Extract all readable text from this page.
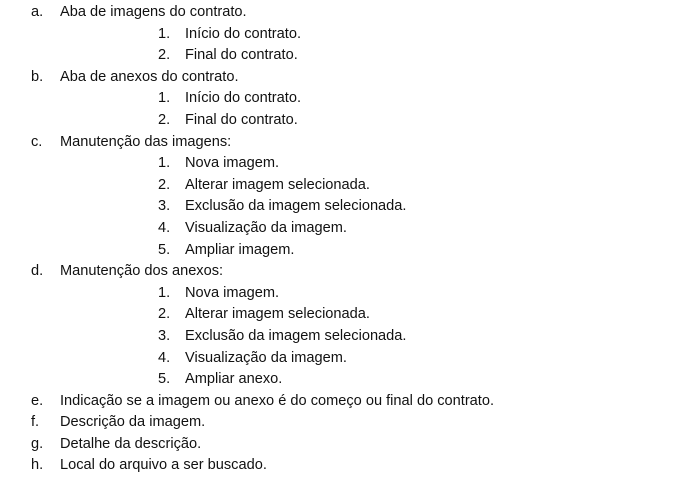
a. Aba de imagens do contrato.
1. Início do contrato.
2. Final do contrato.
b. Aba de anexos do contrato.
1. Início do contrato.
2. Final do contrato.
c. Manutenção das imagens:
1. Nova imagem.
2. Alterar imagem selecionada.
3. Exclusão da imagem selecionada.
4. Visualização da imagem.
5. Ampliar imagem.
d. Manutenção dos anexos:
1. Nova imagem.
2. Alterar imagem selecionada.
3. Exclusão da imagem selecionada.
4. Visualização da imagem.
5. Ampliar anexo.
e. Indicação se a imagem ou anexo é do começo ou final do contrato.
f. Descrição da imagem.
g. Detalhe da descrição.
h. Local do arquivo a ser buscado.
